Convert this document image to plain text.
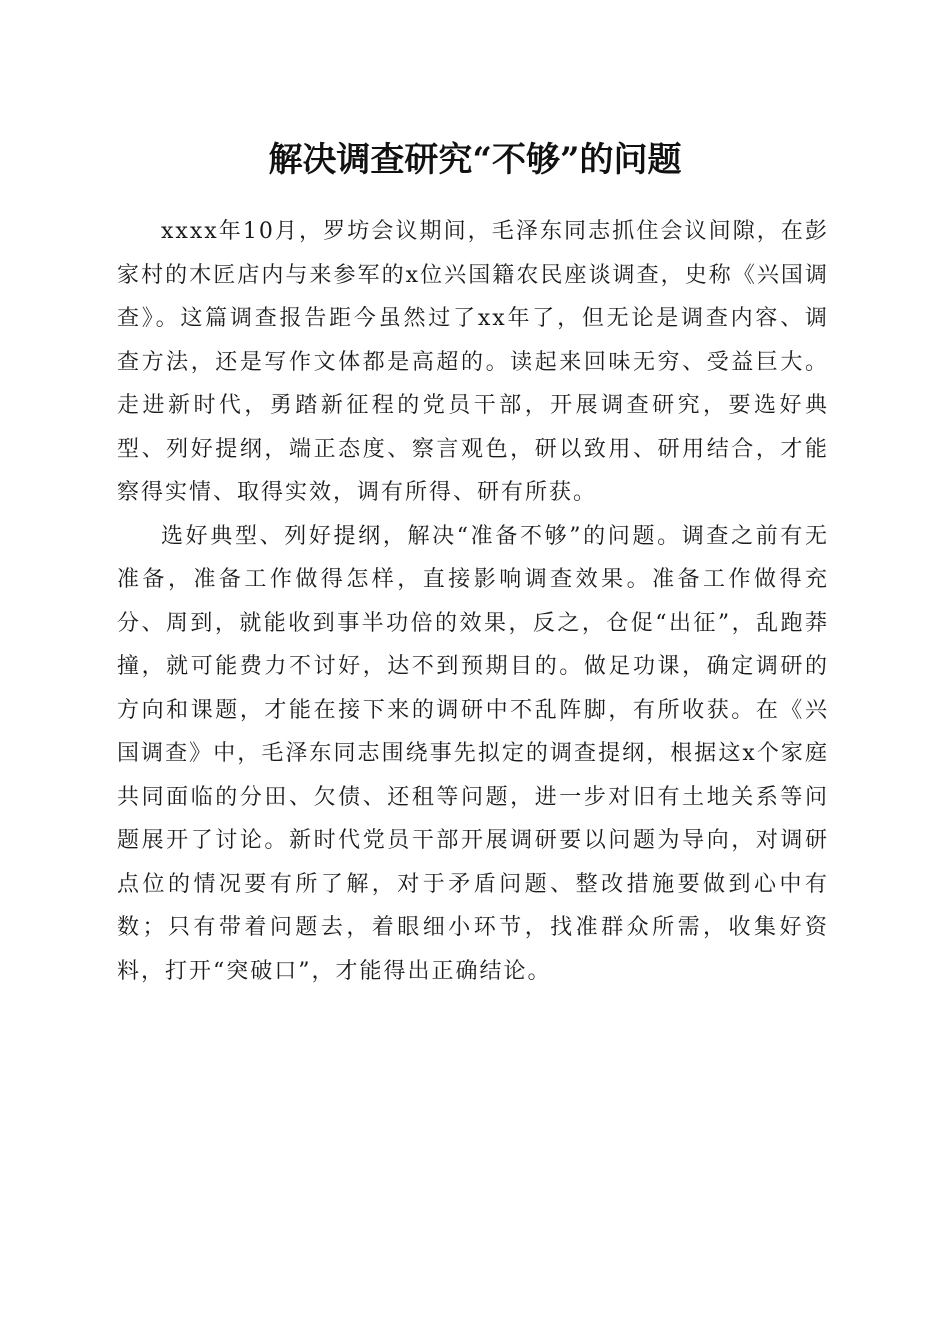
解决调查研究“不够”的问题

xxxx年10月，罗坊会议期间，毛泽东同志抓住会议间隙，在彭家村的木匠店内与来参军的x位兴国籍农民座谈调查，史称《兴国调查》。这篇调查报告距今虽然过了xx年了，但无论是调查内容、调查方法，还是写作文体都是高超的。读起来回味无穷、受益巨大。走进新时代，勇踏新征程的党员干部，开展调查研究，要选好典型、列好提纲，端正态度、察言观色，研以致用、研用结合，才能察得实情、取得实效，调有所得、研有所获。

选好典型、列好提纲，解决“准备不够”的问题。调查之前有无准备，准备工作做得怎样，直接影响调查效果。准备工作做得充分、周到，就能收到事半功倍的效果，反之，仓促“出征”，乱跑莽撞，就可能费力不讨好，达不到预期目的。做足功课，确定调研的方向和课题，才能在接下来的调研中不乱阵脚，有所收获。在《兴国调查》中，毛泽东同志围绕事先拟定的调查提纲，根据这x个家庭共同面临的分田、欠债、还租等问题，进一步对旧有土地关系等问题展开了讨论。新时代党员干部开展调研要以问题为导向，对调研点位的情况要有所了解，对于矛盾问题、整改措施要做到心中有数；只有带着问题去，着眼细小环节，找准群众所需，收集好资料，打开“突破口”，才能得出正确结论。
